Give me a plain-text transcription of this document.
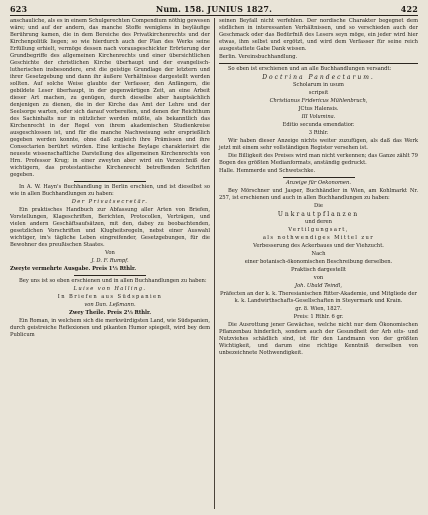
623	Num. 158. JUNIUS 1827.	422

anschauliche, als es in einem Schulgerechten Compendium nöthig gewesen wäre; und auf der andern, das manche Stoffe weniglens in beyläufige Berührung kamen, die in dem Bereiche des Privatkirchenrechts und der Kirchenpolitik liegen; so wie hierdurch auch der Plan des Werks seine Erfüllung erhielt, vermöge dessen nach vorausgeschickter Erörterung der Grundbegriffe des allgemeinen Kirchenrechts und einer übersichtlichen Geschichte der christlichen Kirche überhaupt und der evangelisch-lutherischen insbesondere, erst die geistige Grundlage der letztern und ihrer Gesetzgebung und dann ihr äußere Verhältnisse dargestellt werden sollten. Auf solche Weise glaubte der Verfasser, den Anfängern, die gebildete Leser überhaupt, in der gegenwärtigen Zeit, an eine Arbeit dieser Art machen, zu genügen, durch dieselbe aber hauptsächlich denjenigen zu dienen, die in der Kirche das Amt der Lehre und der Seelsorge warten, oder sich darauf vorbereiten, und denen der Reichthum des Sachinhalts nur in nützlicher werden müßte, als bekanntlich das Kirchenrecht in der Regel von ihrem akademischen Studienkreise ausgeschlossen ist, und für die manche Nachweisung sehr ersprießlich gegeben werden konnte, ohne daß zugleich ihre Prämissen und ihre Consectarien berührt würden. Eine kritische Beylage charakterisirt die neueste wissenschaftliche Darstellung des allgemeinen Kirchenrechts von Hrn. Professor Krug; in einer zweyten aber wird ein Verzeichniß der wichtigern, das protestantische Kirchenrecht betreffenden Schriften gegeben.

In A. W. Hayn's Buchhandlung in Berlin erschien, und ist dieselbst so wie in allen Buchhandlungen zu haben:

Der Privatsecretär.

Ein praktisches Handbuch zur Abfassung aller Arten von Briefen, Vorstellungen, Klageschriften, Berichten, Protocollen, Verträgen, und vielen andern Geschäftsaufsätzen, mit den, dabey zu beobachtenden, gesetzlichen Vorschriften und Klugheitsregeln, nebst einer Auswahl wichtiger, im's tägliche Leben eingreifender, Gesetzgebungen, für die Bewohner des preußischen Staates.

Von

J. D. F. Rumpf.

Zweyte vermehrte Ausgabe. Preis 1⅓ Rthlr.

Bey uns ist so eben erschienen und in allen Buchhandlungen zu haben:

Luise von Halling.

In Briefen aus Südspanien

von Dan. Leßmann.

Zwey Theile. Preis 2⅓ Rthlr.

Ein Roman, in welchem sich die merkwürdigsten Land, wie Südspanien, durch geistreiche Reflexionen und pikanten Humor spiegelt, wird bey dem Publicum

seinen Beyfall nicht verfehlen. Der nordische Charakter begegnet dem südlichen in interessanten Verhältnissen, und so verschieden auch der Geschmack oder das Bedürfniß des Lesers seyn möge, ein jeder wird hier etwas, ihm selbst und ergötzt, und wird dem Verfasser für seine reich ausgestattete Gabe Dank wissen.

Berlin. Vereinsbuchhandlung.

So eben ist erschienen und an alle Buchhandlungen versandt:

Doctrina Pandectarum.

Scholarum in usum

scripsit

Christianus Fridericus Mühlenbruch,

JCtus Halensis.

III Volumina.

Editio secunda emendatior.

3 Rthlr.

Wir haben dieser Anzeige nichts weiter zuzufügen, als daß das Werk jetzt mit einem sehr vollständigen Register versehen ist.

Die Billigkeit des Preises wird man nicht verkennen; das Ganze zählt 79 Bogen des größten Medianformats, anständig gedruckt.

Halle. Hemmerde und Schwetschke.

Anzeige für Oekonomen.

Bey Mörschner und Jasper, Buchhändler in Wien, am Kohlmarkt Nr. 257, ist erschienen und auch in allen Buchhandlungen zu haben:

Die

Unkrautpflanzen

und deren

Vertilgungsart,

als nothwendiges Mittel zur

Verbesserung des Ackerbaues und der Viehzucht.

Nach

einer botanisch-ökonomischen Beschreibung derselben.

Praktisch dargestellt

von

Joh. Ubald Teindl,

Präfecten an der k. k. Theresianischen Ritter-Akademie, und Mitgliede der k. k. Landwirthschafts-Gesellschaften in Steyermark und Krain.

gr. 8. Wien, 1827.

Preis: 1 Rthlr. 6 gr.

Die Ausrottung jener Gewächse, welche nicht nur dem Ökonomischen Pflanzenbau hinderlich, sondern auch der Gesundheit der Arb eits- und Nutzviehes schädlich sind, ist für den Landmann von der größten Wichtigkeit, und darum eine richtige Kenntniß derselben von unbezeichnete Nothwendigkeit.
